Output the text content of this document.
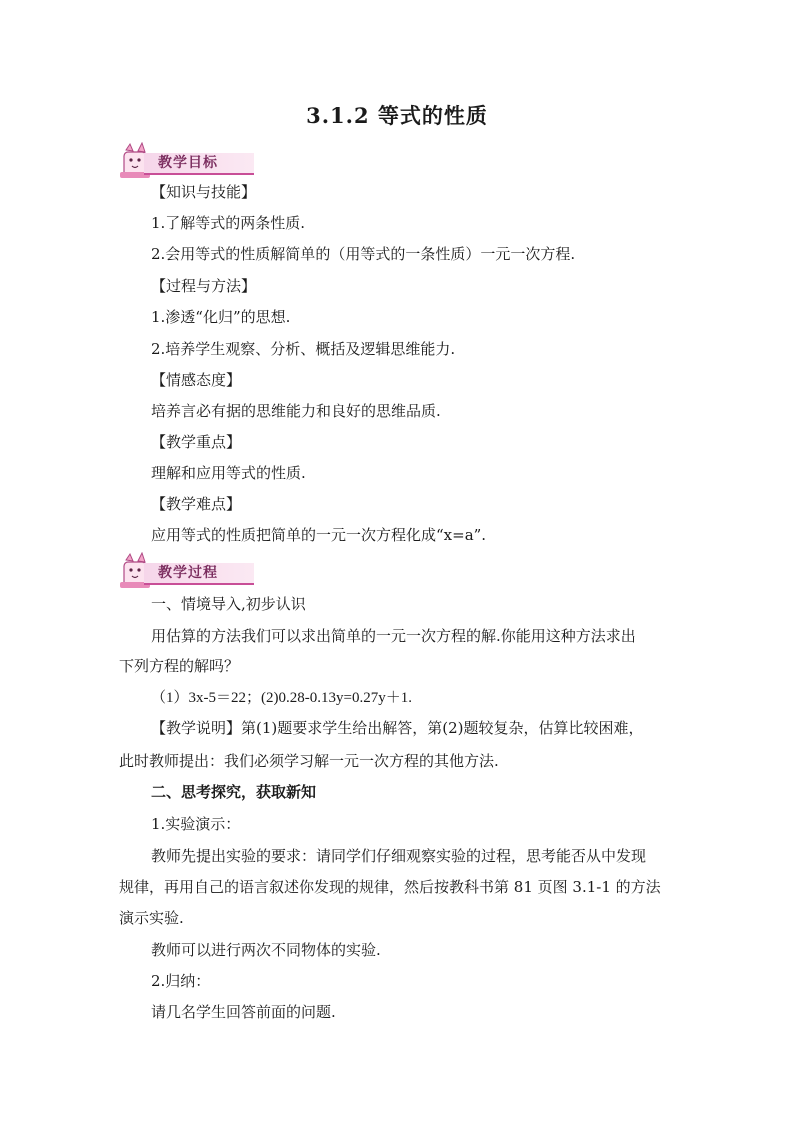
3.1.2 等式的性质
教学目标
【知识与技能】
1.了解等式的两条性质.
2.会用等式的性质解简单的（用等式的一条性质）一元一次方程.
【过程与方法】
1.渗透“化归”的思想.
2.培养学生观察、分析、概括及逻辑思维能力.
【情感态度】
培养言必有据的思维能力和良好的思维品质.
【教学重点】
理解和应用等式的性质.
【教学难点】
应用等式的性质把简单的一元一次方程化成“x=a”.
教学过程
一、情境导入,初步认识
用估算的方法我们可以求出简单的一元一次方程的解.你能用这种方法求出
下列方程的解吗？
（1）3x-5＝22；(2)0.28-0.13y=0.27y＋1.
【教学说明】第(1)题要求学生给出解答，第(2)题较复杂，估算比较困难，
此时教师提出：我们必须学习解一元一次方程的其他方法.
二、思考探究，获取新知
1.实验演示：
教师先提出实验的要求：请同学们仔细观察实验的过程，思考能否从中发现
规律，再用自己的语言叙述你发现的规律，然后按教科书第 81 页图 3.1-1 的方法
演示实验.
教师可以进行两次不同物体的实验.
2.归纳：
请几名学生回答前面的问题.
